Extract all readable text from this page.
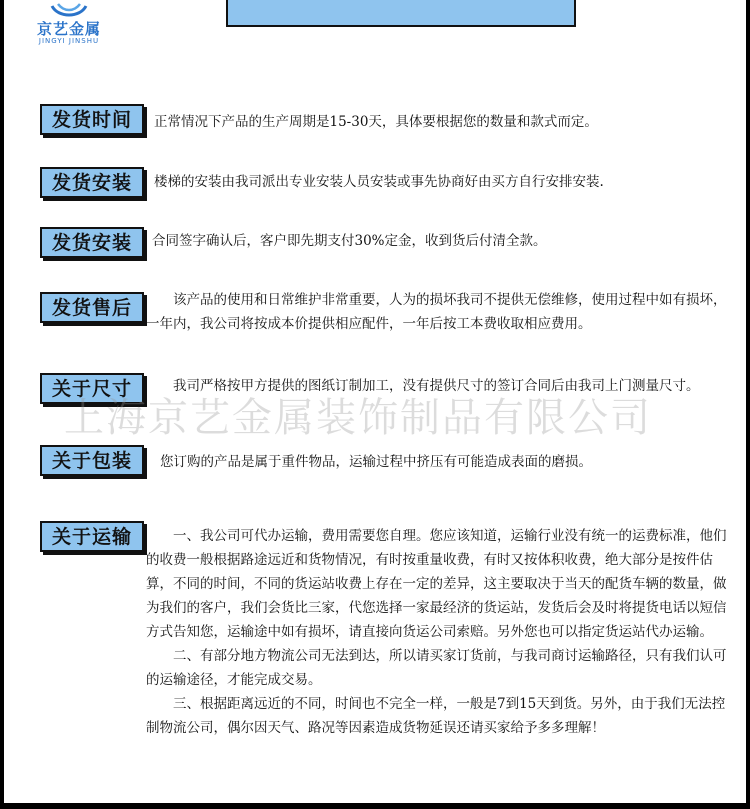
京艺金属
JINGYI JINSHU
发货时间	正常情况下产品的生产周期是15-30天，具体要根据您的数量和款式而定。
发货安装	楼梯的安装由我司派出专业安装人员安装或事先协商好由买方自行安排安装.
发货安装	合同签字确认后，客户即先期支付30%定金，收到货后付清全款。
发货售后	该产品的使用和日常维护非常重要，人为的损坏我司不提供无偿维修，使用过程中如有损坏，一年内，我公司将按成本价提供相应配件，一年后按工本费收取相应费用。
关于尺寸	我司严格按甲方提供的图纸订制加工，没有提供尺寸的签订合同后由我司上门测量尺寸。
关于包装	您订购的产品是属于重件物品，运输过程中挤压有可能造成表面的磨损。
关于运输	一、我公司可代办运输，费用需要您自理。您应该知道，运输行业没有统一的运费标准，他们的收费一般根据路途远近和货物情况，有时按重量收费，有时又按体积收费，绝大部分是按件估算，不同的时间，不同的货运站收费上存在一定的差异，这主要取决于当天的配货车辆的数量，做为我们的客户，我们会货比三家，代您选择一家最经济的货运站，发货后会及时将提货电话以短信方式告知您，运输途中如有损坏，请直接向货运公司索赔。另外您也可以指定货运站代办运输。

二、有部分地方物流公司无法到达，所以请买家订货前，与我司商讨运输路径，只有我们认可的运输途径，才能完成交易。

三、根据距离远近的不同，时间也不完全一样，一般是7到15天到货。另外，由于我们无法控制物流公司，偶尔因天气、路况等因素造成货物延误还请买家给予多多理解！

上海京艺金属装饰制品有限公司
